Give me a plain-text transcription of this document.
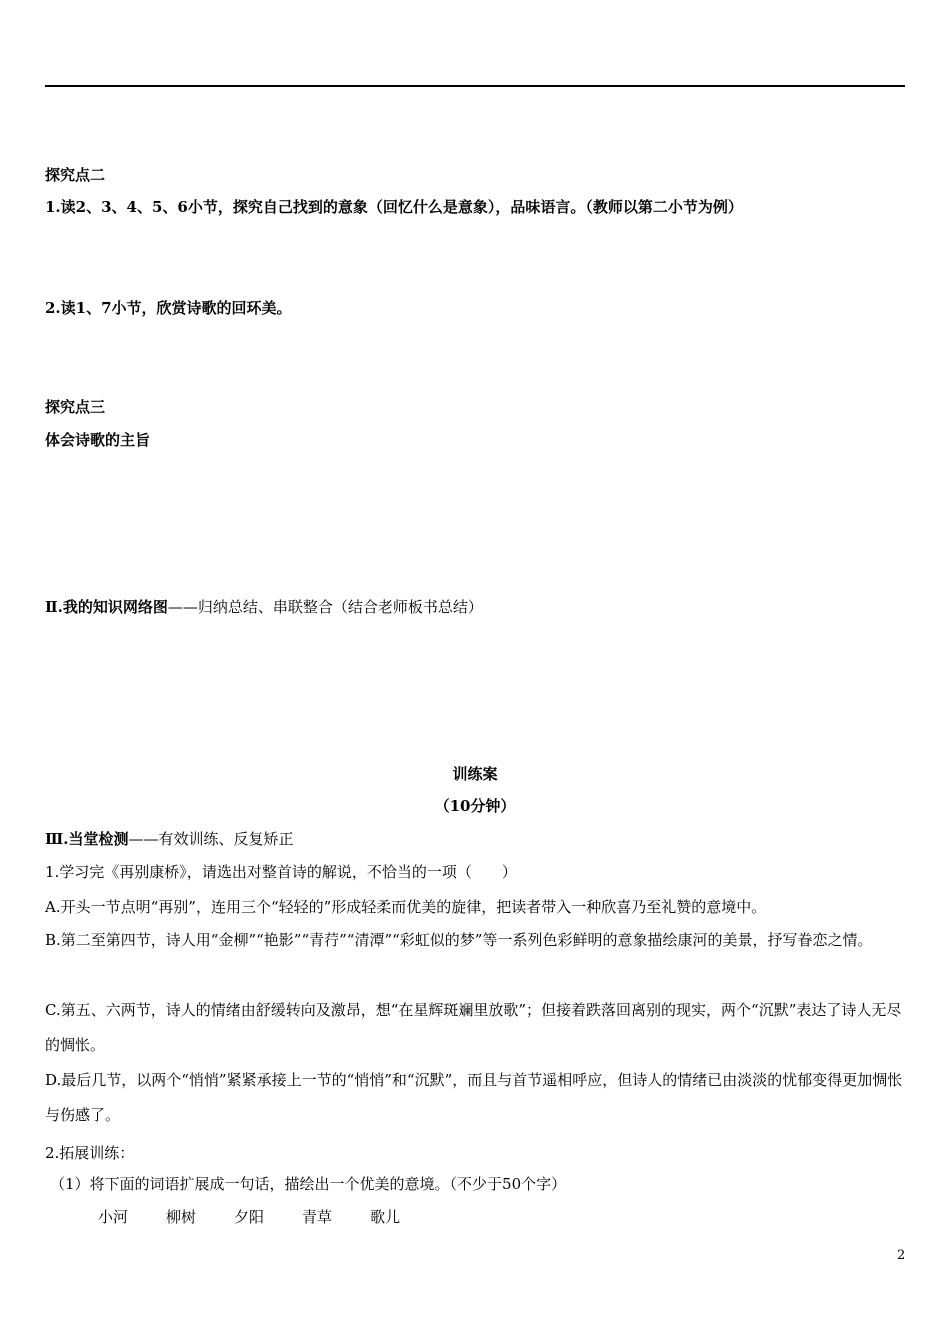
探究点二
1.读2、3、4、5、6小节，探究自己找到的意象（回忆什么是意象），品味语言。（教师以第二小节为例）
2.读1、7小节，欣赏诗歌的回环美。
探究点三
体会诗歌的主旨
Ⅱ.我的知识网络图——归纳总结、串联整合（结合老师板书总结）
训练案
（10分钟）
Ⅲ.当堂检测——有效训练、反复矫正
1.学习完《再别康桥》，请选出对整首诗的解说，不恰当的一项（　　）
A.开头一节点明“再别”，连用三个“轻轻的”形成轻柔而优美的旋律，把读者带入一种欣喜乃至礼赞的意境中。
B.第二至第四节，诗人用“金柳”“艳影”“青荇”“清潭”“彩虹似的梦”等一系列色彩鲜明的意象描绘康河的美景，抒写眷恋之情。
C.第五、六两节，诗人的情绪由舒缓转向及激昂，想“在星辉斑斓里放歌”；但接着跌落回离别的现实，两个“沉默”表达了诗人无尽的惆怅。
D.最后几节，以两个“悄悄”紧紧承接上一节的“悄悄”和“沉默”，而且与首节遥相呼应，但诗人的情绪已由淡淡的忧郁变得更加惆怅与伤感了。
2.拓展训练：
（1）将下面的词语扩展成一句话，描绘出一个优美的意境。（不少于50个字）
小河	柳树	夕阳	青草	歌儿
2
